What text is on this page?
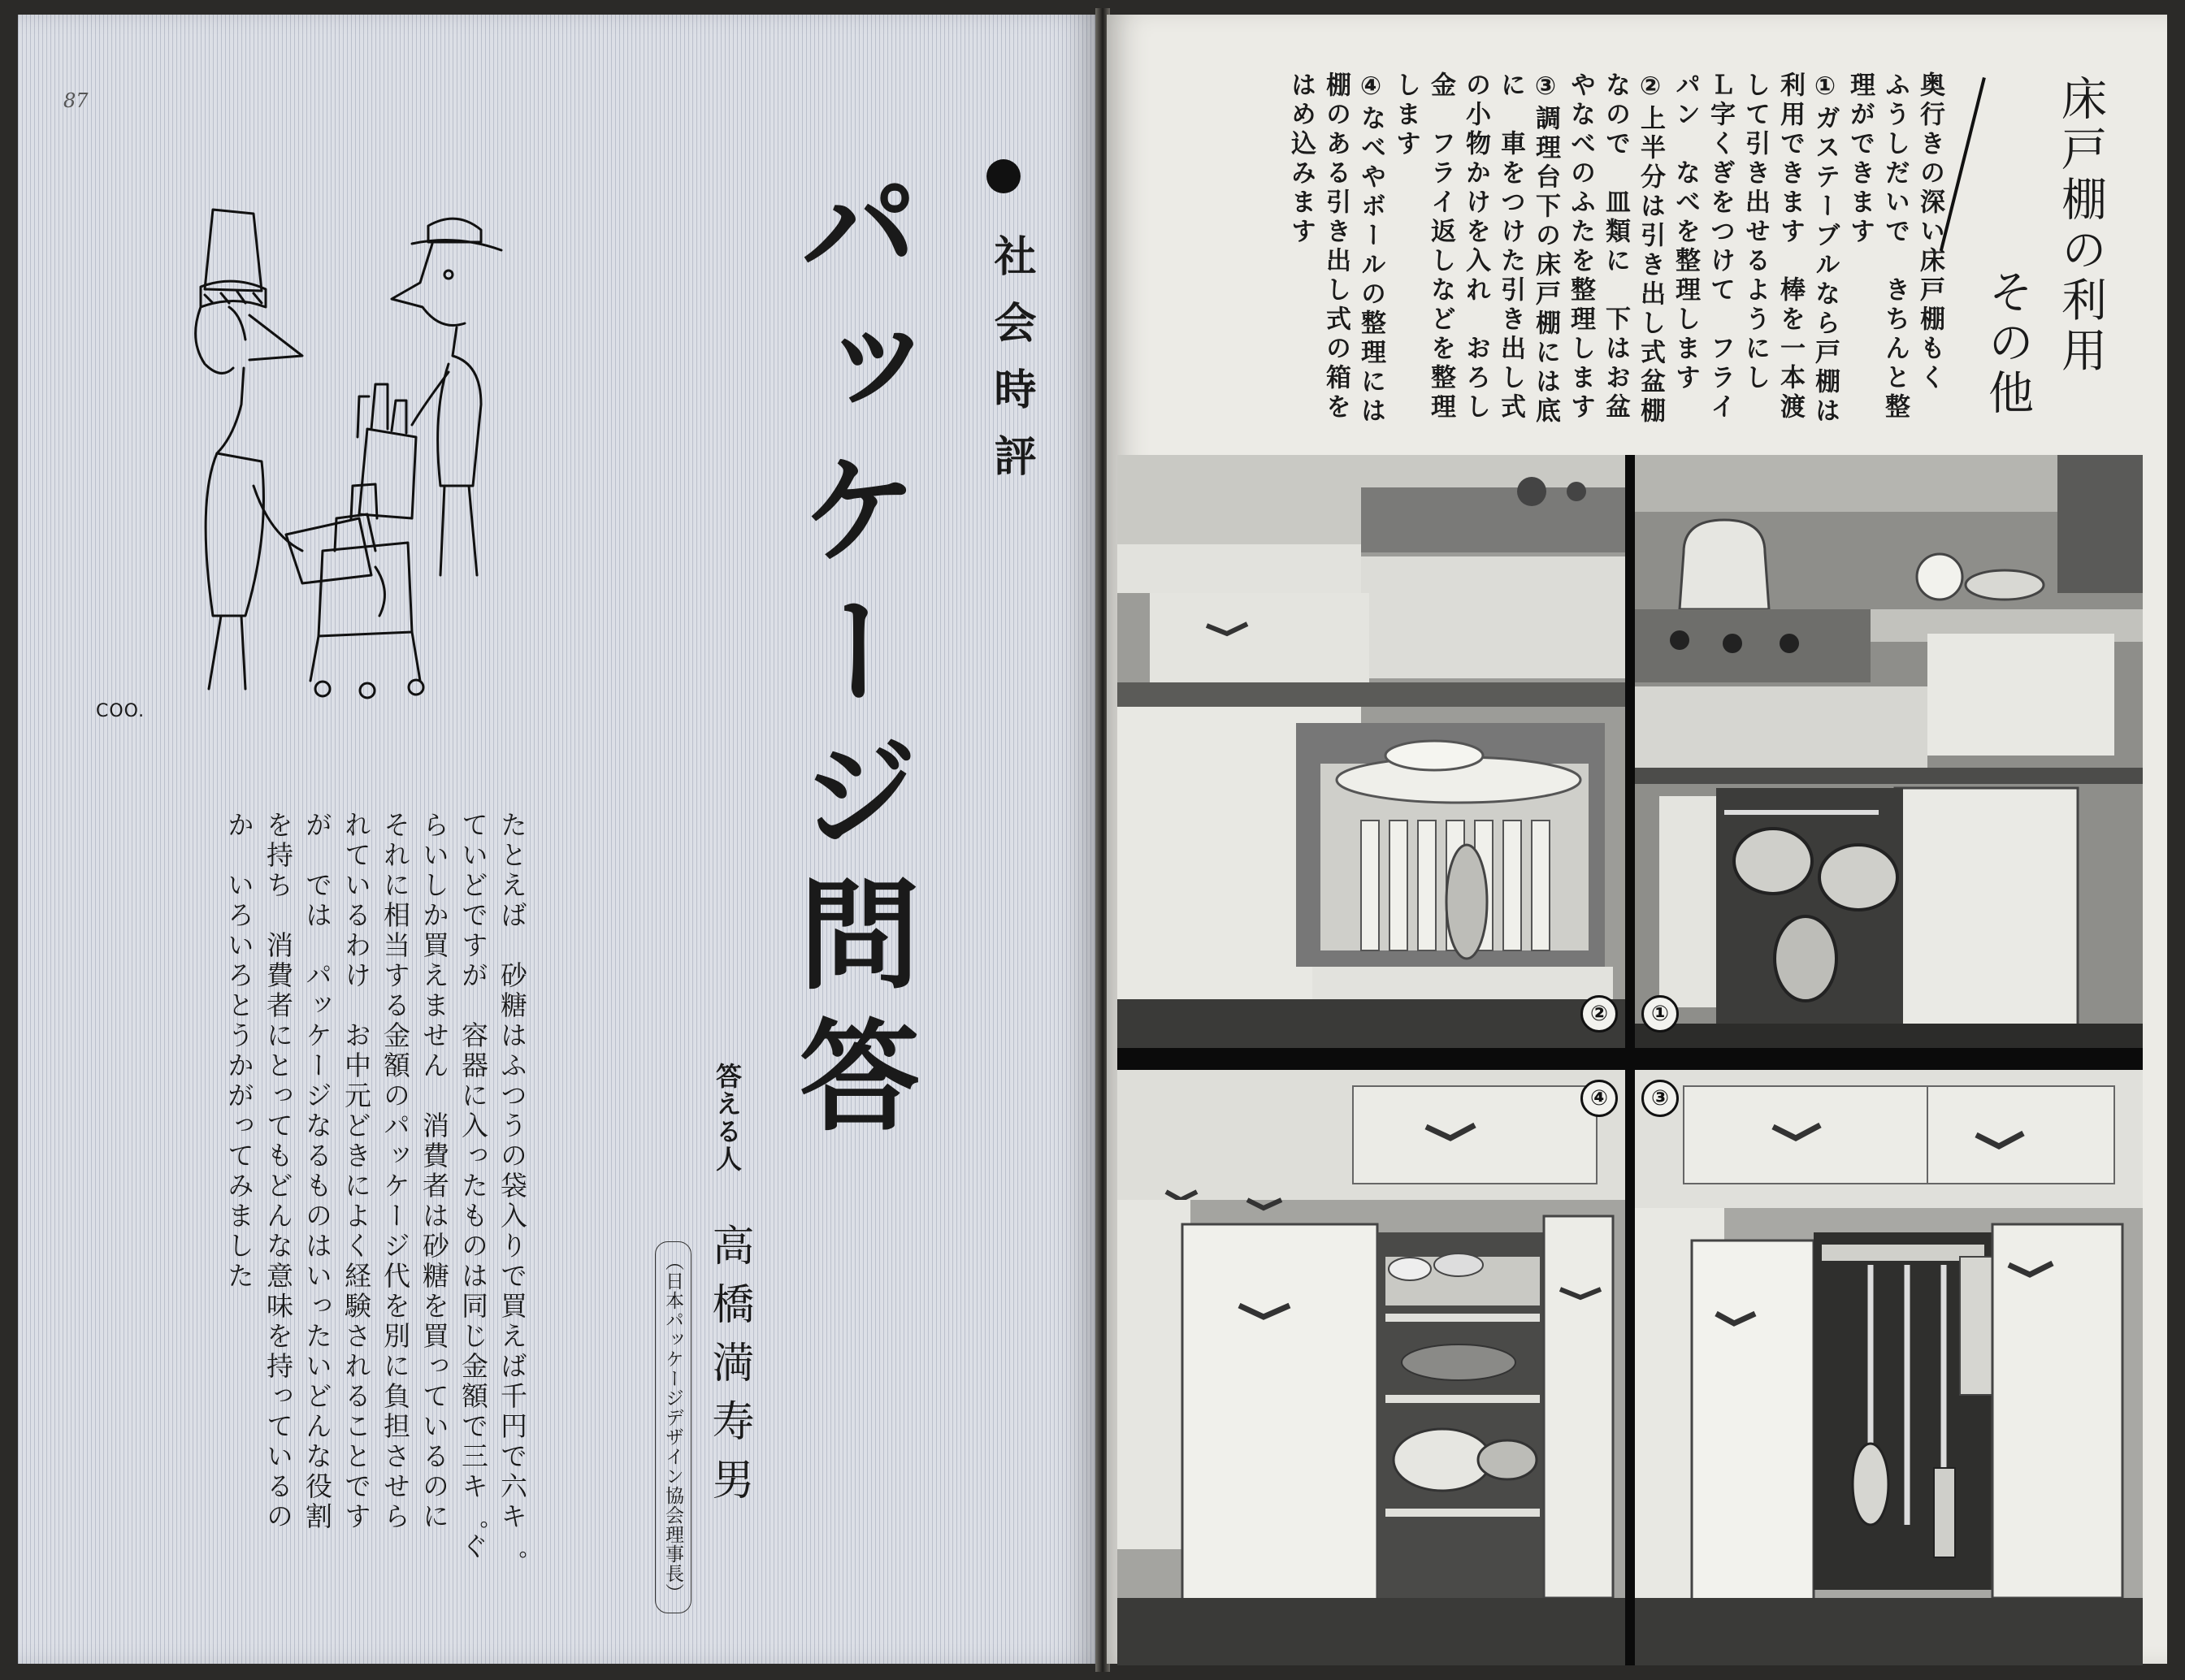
87
COO.
社会時評
パッケージ問答
答える人
高橋満寿男
（日本パッケージデザイン協会理事長）
たとえば　砂糖はふつうの袋入りで買えば千円で六キ゜
ていどですが　容器に入ったものは同じ金額で三キ゜ぐ
らいしか買えません　消費者は砂糖を買っているのに
それに相当する金額のパッケージ代を別に負担させら
れているわけ　お中元どきによく経験されることです
が　では　パッケージなるものはいったいどんな役割
を持ち　消費者にとってもどんな意味を持っているの
か　いろいろとうかがってみました
床戸棚の利用
その他
奥行きの深い床戸棚もく
ふうしだいで　きちんと整
理ができます
①ガステーブルなら戸棚は
利用できます　棒を一本渡
して引き出せるようにし
Ｌ字くぎをつけて　フライ
パン　なべを整理します
②上半分は引き出し式盆棚
なので　皿類に　下はお盆
やなべのふたを整理します
③調理台下の床戸棚には底
に　車をつけた引き出し式
の小物かけを入れ　おろし
金　フライ返しなどを整理
します
④なべやボールの整理には
棚のある引き出し式の箱を
はめ込みます
②	①
④	③
